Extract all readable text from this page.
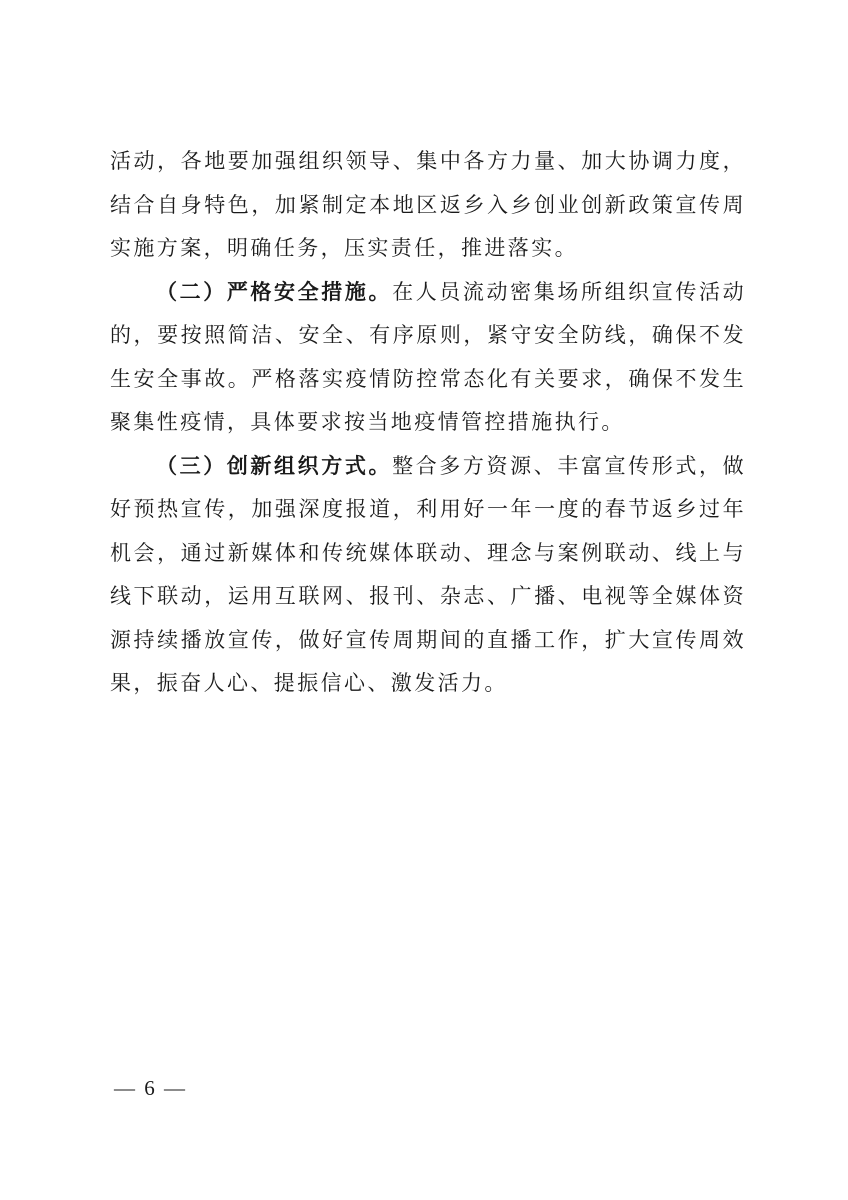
活动，各地要加强组织领导、集中各方力量、加大协调力度，结合自身特色，加紧制定本地区返乡入乡创业创新政策宣传周实施方案，明确任务，压实责任，推进落实。

（二）严格安全措施。在人员流动密集场所组织宣传活动的，要按照简洁、安全、有序原则，紧守安全防线，确保不发生安全事故。严格落实疫情防控常态化有关要求，确保不发生聚集性疫情，具体要求按当地疫情管控措施执行。

（三）创新组织方式。整合多方资源、丰富宣传形式，做好预热宣传，加强深度报道，利用好一年一度的春节返乡过年机会，通过新媒体和传统媒体联动、理念与案例联动、线上与线下联动，运用互联网、报刊、杂志、广播、电视等全媒体资源持续播放宣传，做好宣传周期间的直播工作，扩大宣传周效果，振奋人心、提振信心、激发活力。

— 6 —
